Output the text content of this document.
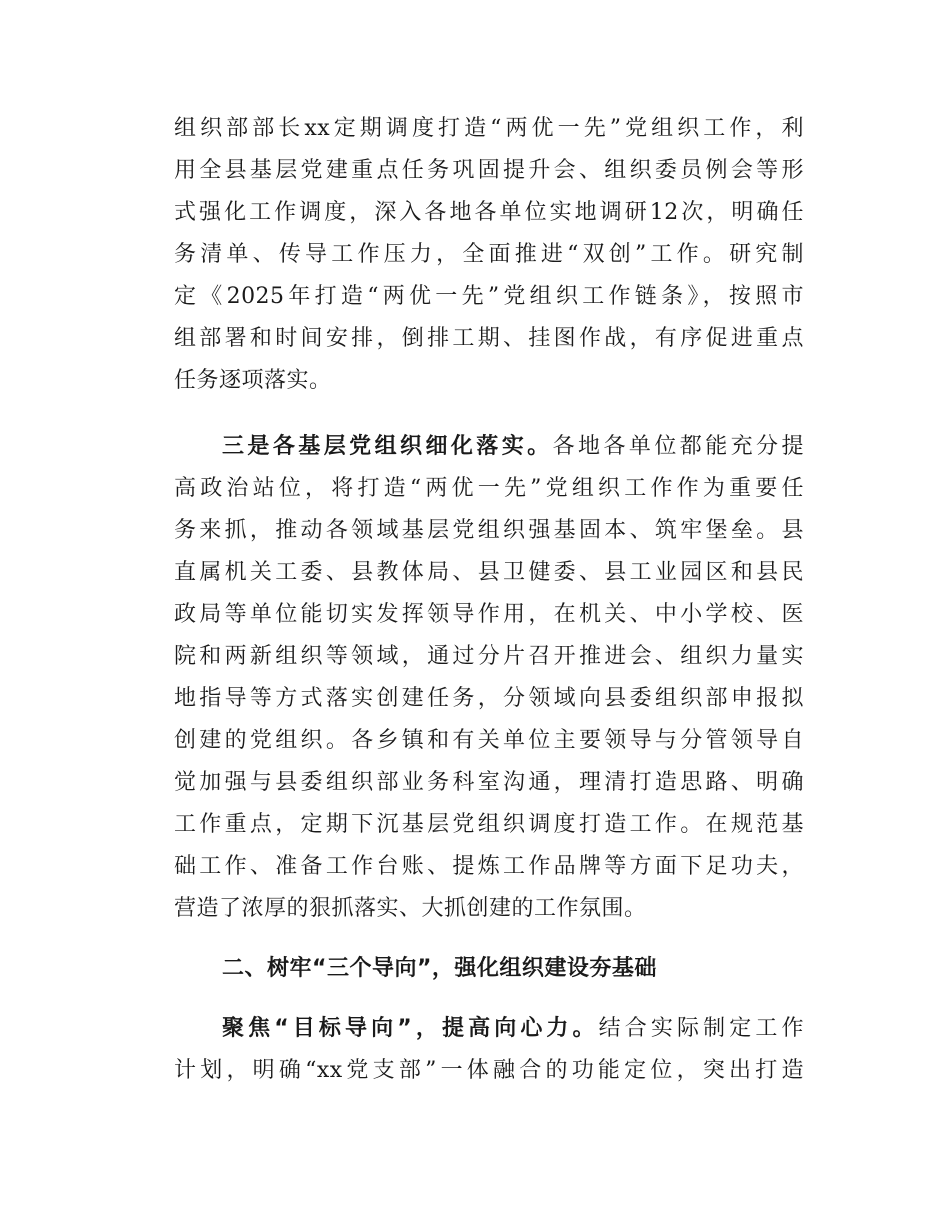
组织部部长xx定期调度打造“两优一先”党组织工作，利
用全县基层党建重点任务巩固提升会、组织委员例会等形
式强化工作调度，深入各地各单位实地调研12次，明确任
务清单、传导工作压力，全面推进“双创”工作。研究制
定《2025年打造“两优一先”党组织工作链条》，按照市
组部署和时间安排，倒排工期、挂图作战，有序促进重点
任务逐项落实。
三是各基层党组织细化落实。各地各单位都能充分提
高政治站位，将打造“两优一先”党组织工作作为重要任
务来抓，推动各领域基层党组织强基固本、筑牢堡垒。县
直属机关工委、县教体局、县卫健委、县工业园区和县民
政局等单位能切实发挥领导作用，在机关、中小学校、医
院和两新组织等领域，通过分片召开推进会、组织力量实
地指导等方式落实创建任务，分领域向县委组织部申报拟
创建的党组织。各乡镇和有关单位主要领导与分管领导自
觉加强与县委组织部业务科室沟通，理清打造思路、明确
工作重点，定期下沉基层党组织调度打造工作。在规范基
础工作、准备工作台账、提炼工作品牌等方面下足功夫，
营造了浓厚的狠抓落实、大抓创建的工作氛围。
二、树牢“三个导向”，强化组织建设夯基础
聚焦“目标导向”，提高向心力。结合实际制定工作
计划，明确“xx党支部”一体融合的功能定位，突出打造
